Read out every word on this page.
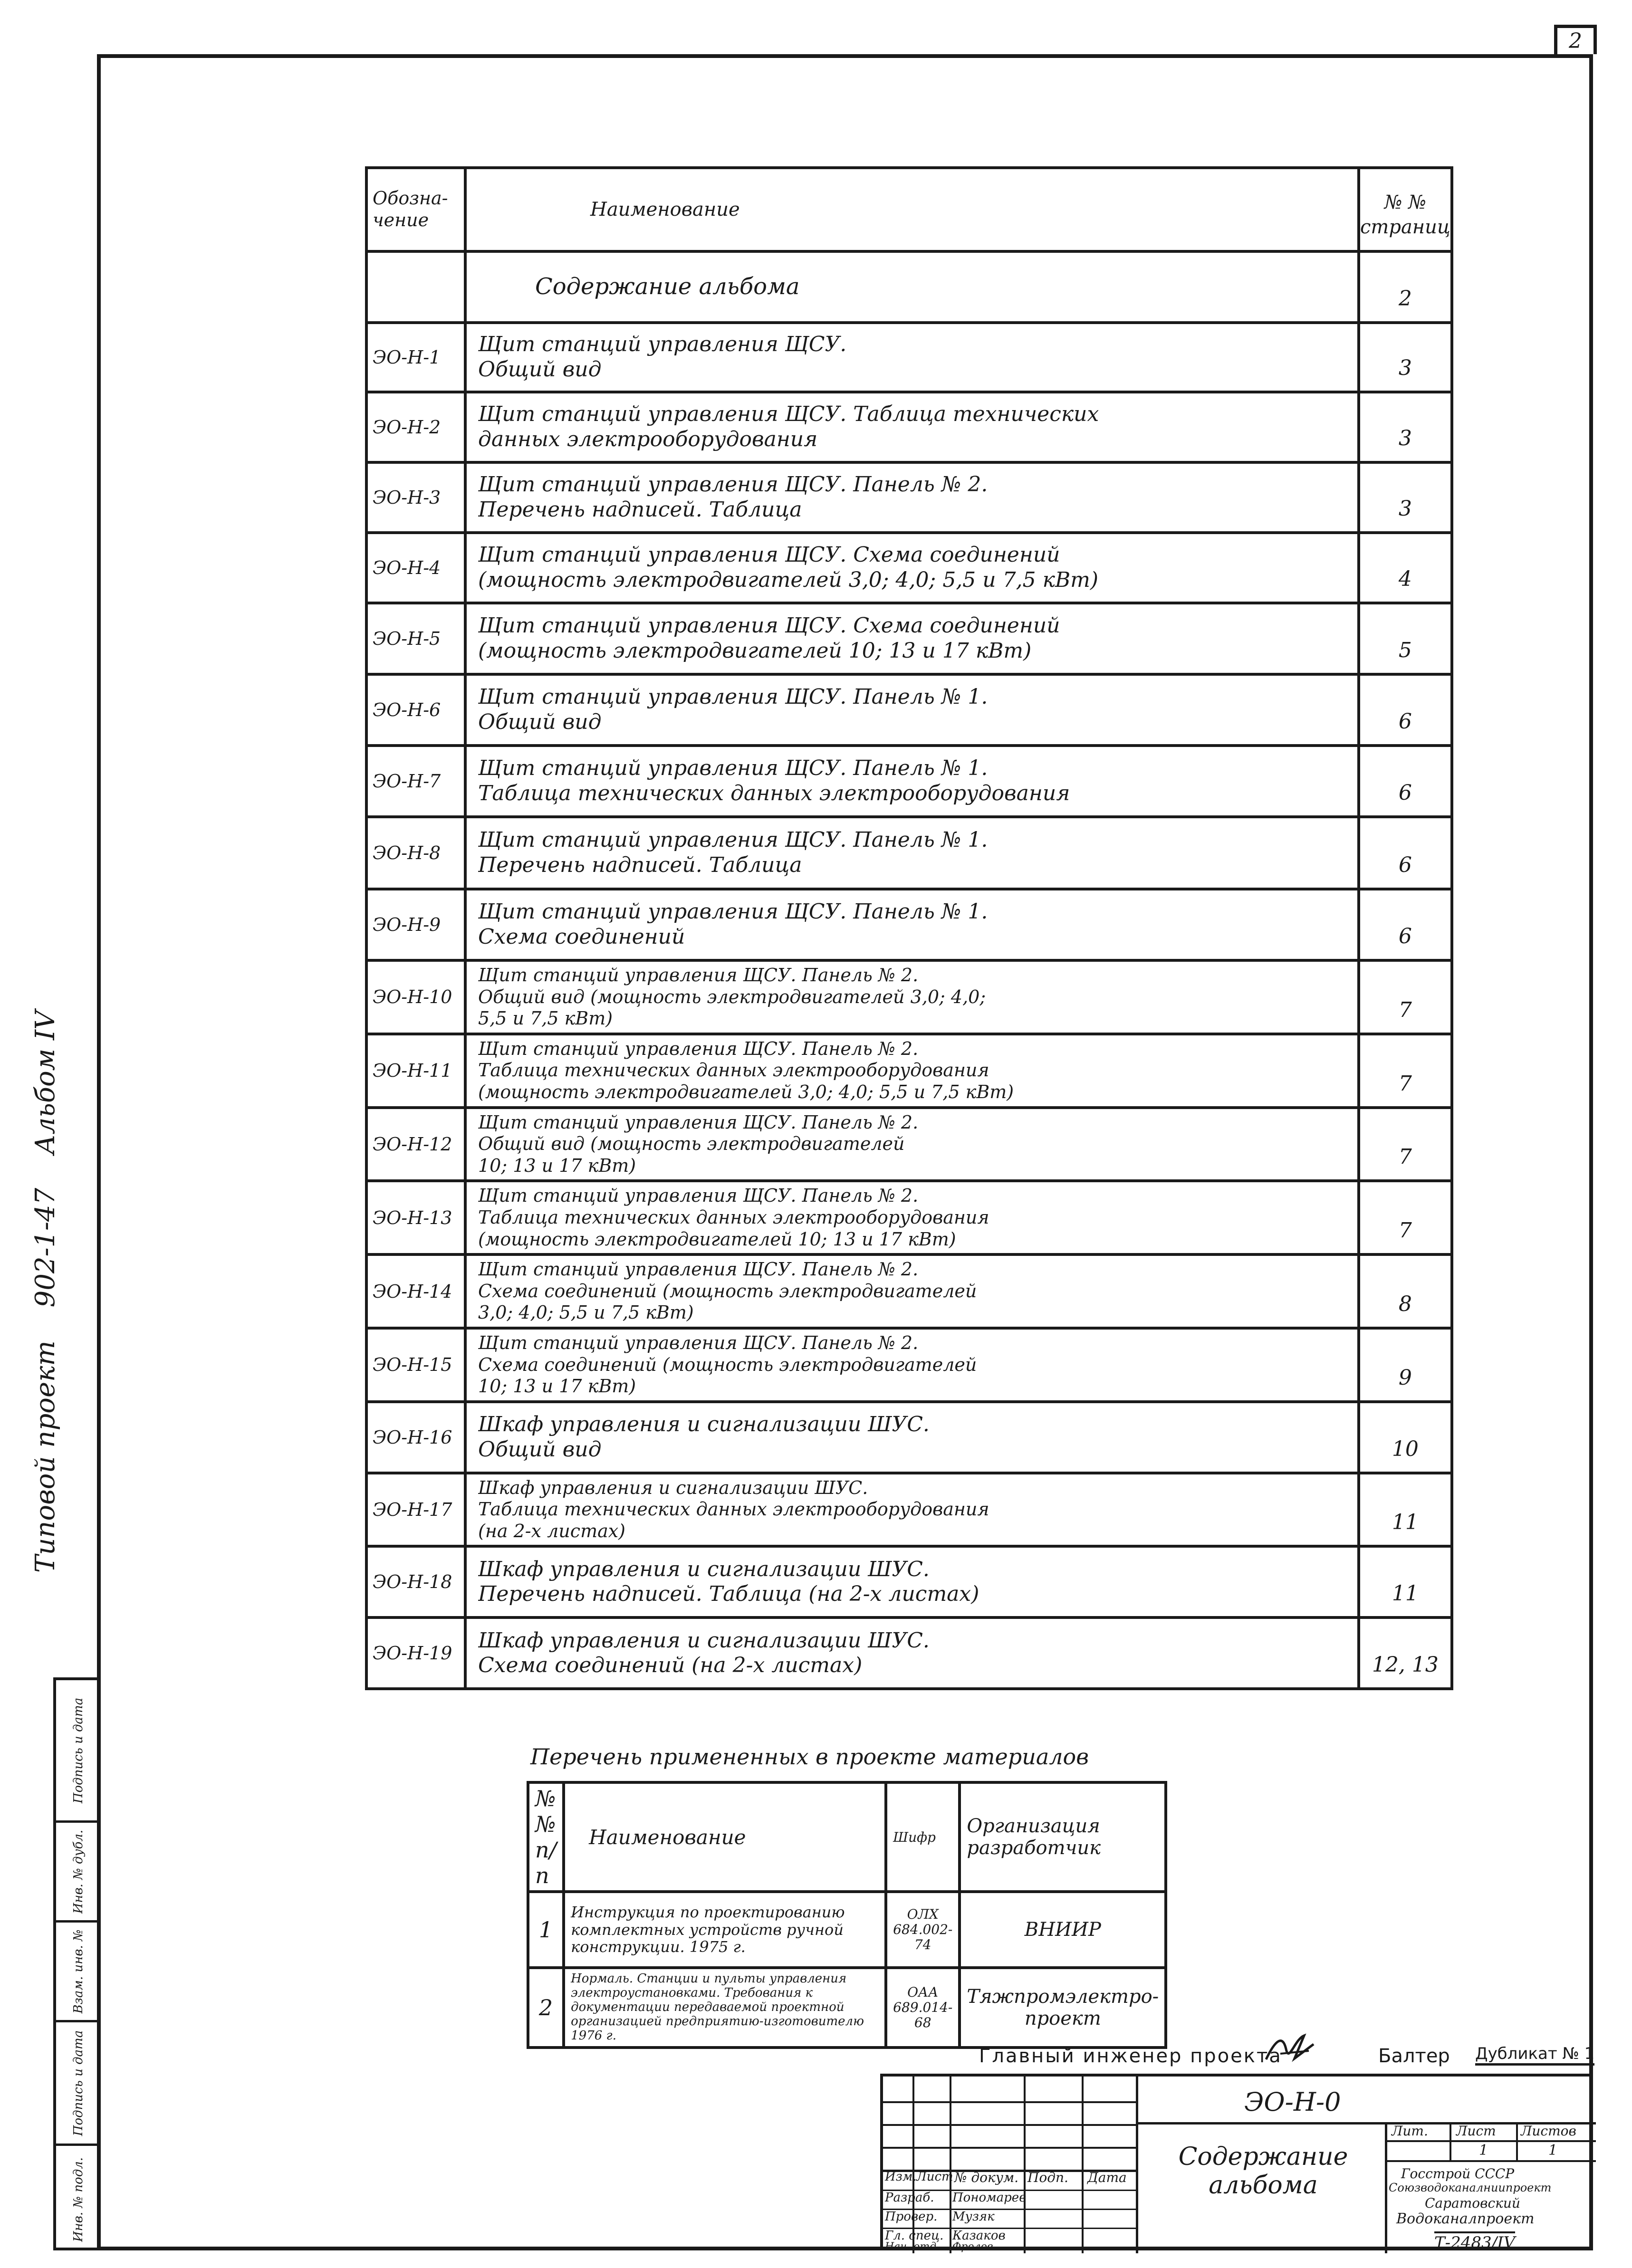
2
Обозна-
чение	Наименование	№ №
страниц

	Содержание альбома	2
ЭО-Н-1	Щит станций управления ЩСУ.
Общий вид	3
ЭО-Н-2	Щит станций управления ЩСУ. Таблица технических
данных электрооборудования	3
ЭО-Н-3	Щит станций управления ЩСУ. Панель № 2.
Перечень надписей. Таблица	3
ЭО-Н-4	Щит станций управления ЩСУ. Схема соединений
(мощность электродвигателей 3,0; 4,0; 5,5 и 7,5 кВт)	4
ЭО-Н-5	Щит станций управления ЩСУ. Схема соединений
(мощность электродвигателей 10; 13 и 17 кВт)	5
ЭО-Н-6	Щит станций управления ЩСУ. Панель № 1.
Общий вид	6
ЭО-Н-7	Щит станций управления ЩСУ. Панель № 1.
Таблица технических данных электрооборудования	6
ЭО-Н-8	Щит станций управления ЩСУ. Панель № 1.
Перечень надписей. Таблица	6
ЭО-Н-9	Щит станций управления ЩСУ. Панель № 1.
Схема соединений	6
ЭО-Н-10	Щит станций управления ЩСУ. Панель № 2.
Общий вид (мощность электродвигателей 3,0; 4,0;
5,5 и 7,5 кВт)	7
ЭО-Н-11	Щит станций управления ЩСУ. Панель № 2.
Таблица технических данных электрооборудования
(мощность электродвигателей 3,0; 4,0; 5,5 и 7,5 кВт)	7
ЭО-Н-12	Щит станций управления ЩСУ. Панель № 2.
Общий вид (мощность электродвигателей
10; 13 и 17 кВт)	7
ЭО-Н-13	Щит станций управления ЩСУ. Панель № 2.
Таблица технических данных электрооборудования
(мощность электродвигателей 10; 13 и 17 кВт)	7
ЭО-Н-14	Щит станций управления ЩСУ. Панель № 2.
Схема соединений (мощность электродвигателей
3,0; 4,0; 5,5 и 7,5 кВт)	8
ЭО-Н-15	Щит станций управления ЩСУ. Панель № 2.
Схема соединений (мощность электродвигателей
10; 13 и 17 кВт)	9
ЭО-Н-16	Шкаф управления и сигнализации ШУС.
Общий вид	10
ЭО-Н-17	Шкаф управления и сигнализации ШУС.
Таблица технических данных электрооборудования
(на 2-х листах)	11
ЭО-Н-18	Шкаф управления и сигнализации ШУС.
Перечень надписей. Таблица (на 2-х листах)	11
ЭО-Н-19	Шкаф управления и сигнализации ШУС.
Схема соединений (на 2-х листах)	12, 13
Типовой проект
902-1-47
Альбом IV
Подпись и дата
Инв. № дубл.
Взам. инв. №
Подпись и дата
Инв. № подл.
Перечень примененных в проекте материалов
№№
п/п	Наименование	Шифр	Организация
разработчик
1	Инструкция по проектированию комплектных устройств ручной конструкции. 1975 г.	ОЛХ
684.002-74	ВНИИР
2	Нормаль. Станции и пульты управления электроустановками. Требования к документации передаваемой проектной организацией предприятию-изготовителю 1976 г.	ОАА
689.014-68	Тяжпромэлектро-
проект
Главный инженер проекта	Балтер Дубликат № 1
Изм. Лист № докум. Подп. Дата
Разраб.
Провер.
Гл. спец.
Нач. отд.
Пономарев
Музяк
Казаков
Фролов
ЭО-Н-0
Содержание
альбома
Лит. Лист Листов
1	1
Госстрой СССР
Союзводоканалниипроект
Саратовский
Водоканалпроект
Т-2483/IV
